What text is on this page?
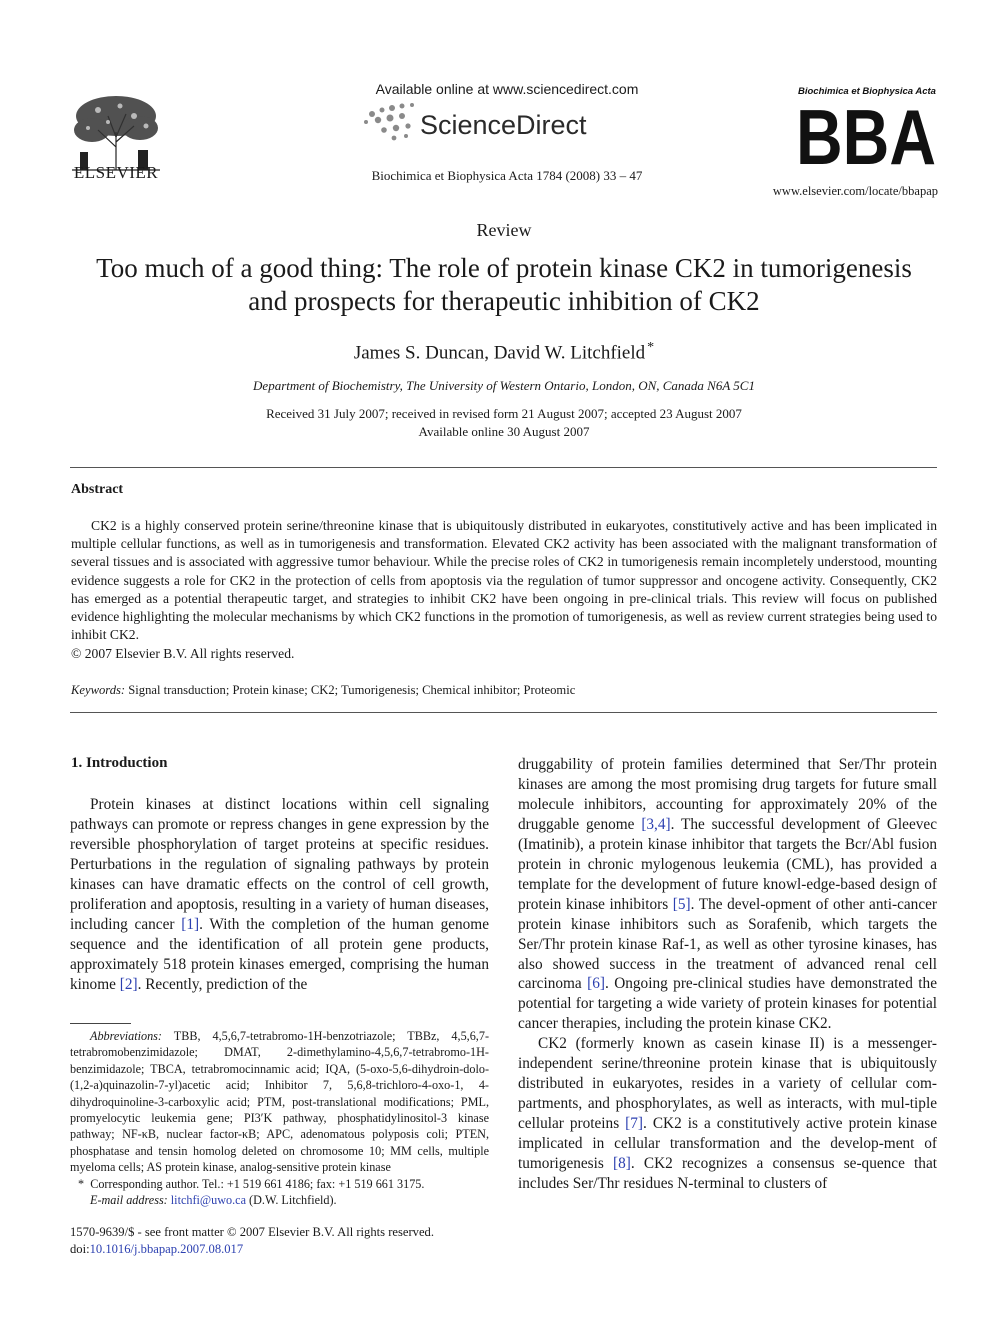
ELSEVIER
Available online at www.sciencedirect.com
ScienceDirect
Biochimica et Biophysica Acta 1784 (2008) 33 – 47
Biochimica et Biophysica Acta
BBA
www.elsevier.com/locate/bbapap
Review
Too much of a good thing: The role of protein kinase CK2 in tumorigenesis
and prospects for therapeutic inhibition of CK2
James S. Duncan, David W. Litchfield *
Department of Biochemistry, The University of Western Ontario, London, ON, Canada N6A 5C1
Received 31 July 2007; received in revised form 21 August 2007; accepted 23 August 2007
Available online 30 August 2007
Abstract
CK2 is a highly conserved protein serine/threonine kinase that is ubiquitously distributed in eukaryotes, constitutively active and has been implicated in multiple cellular functions, as well as in tumorigenesis and transformation. Elevated CK2 activity has been associated with the malignant transformation of several tissues and is associated with aggressive tumor behaviour. While the precise roles of CK2 in tumorigenesis remain incompletely understood, mounting evidence suggests a role for CK2 in the protection of cells from apoptosis via the regulation of tumor suppressor and oncogene activity. Consequently, CK2 has emerged as a potential therapeutic target, and strategies to inhibit CK2 have been ongoing in pre-clinical trials. This review will focus on published evidence highlighting the molecular mechanisms by which CK2 functions in the promotion of tumorigenesis, as well as review current strategies being used to inhibit CK2.
© 2007 Elsevier B.V. All rights reserved.
Keywords: Signal transduction; Protein kinase; CK2; Tumorigenesis; Chemical inhibitor; Proteomic
1. Introduction
Protein kinases at distinct locations within cell signaling pathways can promote or repress changes in gene expression by the reversible phosphorylation of target proteins at specific residues. Perturbations in the regulation of signaling pathways by protein kinases can have dramatic effects on the control of cell growth, proliferation and apoptosis, resulting in a variety of human diseases, including cancer [1]. With the completion of the human genome sequence and the identification of all protein gene products, approximately 518 protein kinases emerged, comprising the human kinome [2]. Recently, prediction of the
Abbreviations: TBB, 4,5,6,7-tetrabromo-1H-benzotriazole; TBBz, 4,5,6,7-tetrabromobenzimidazole; DMAT, 2-dimethylamino-4,5,6,7-tetrabromo-1H-benzimidazole; TBCA, tetrabromocinnamic acid; IQA, (5-oxo-5,6-dihydroin-dolo-(1,2-a)quinazolin-7-yl)acetic acid; Inhibitor 7, 5,6,8-trichloro-4-oxo-1, 4-dihydroquinoline-3-carboxylic acid; PTM, post-translational modifications; PML, promyelocytic leukemia gene; PI3′K pathway, phosphatidylinositol-3 kinase pathway; NF-κB, nuclear factor-κB; APC, adenomatous polyposis coli; PTEN, phosphatase and tensin homolog deleted on chromosome 10; MM cells, multiple myeloma cells; AS protein kinase, analog-sensitive protein kinase
* Corresponding author. Tel.: +1 519 661 4186; fax: +1 519 661 3175.
E-mail address: litchfi@uwo.ca (D.W. Litchfield).
1570-9639/$ - see front matter © 2007 Elsevier B.V. All rights reserved.
doi:10.1016/j.bbapap.2007.08.017
druggability of protein families determined that Ser/Thr protein kinases are among the most promising drug targets for future small molecule inhibitors, accounting for approximately 20% of the druggable genome [3,4]. The successful development of Gleevec (Imatinib), a protein kinase inhibitor that targets the Bcr/Abl fusion protein in chronic mylogenous leukemia (CML), has provided a template for the development of future knowl-edge-based design of protein kinase inhibitors [5]. The devel-opment of other anti-cancer protein kinase inhibitors such as Sorafenib, which targets the Ser/Thr protein kinase Raf-1, as well as other tyrosine kinases, has also showed success in the treatment of advanced renal cell carcinoma [6]. Ongoing pre-clinical studies have demonstrated the potential for targeting a wide variety of protein kinases for potential cancer therapies, including the protein kinase CK2.
CK2 (formerly known as casein kinase II) is a messenger-independent serine/threonine protein kinase that is ubiquitously distributed in eukaryotes, resides in a variety of cellular com-partments, and phosphorylates, as well as interacts, with mul-tiple cellular proteins [7]. CK2 is a constitutively active protein kinase implicated in cellular transformation and the develop-ment of tumorigenesis [8]. CK2 recognizes a consensus se-quence that includes Ser/Thr residues N-terminal to clusters of
